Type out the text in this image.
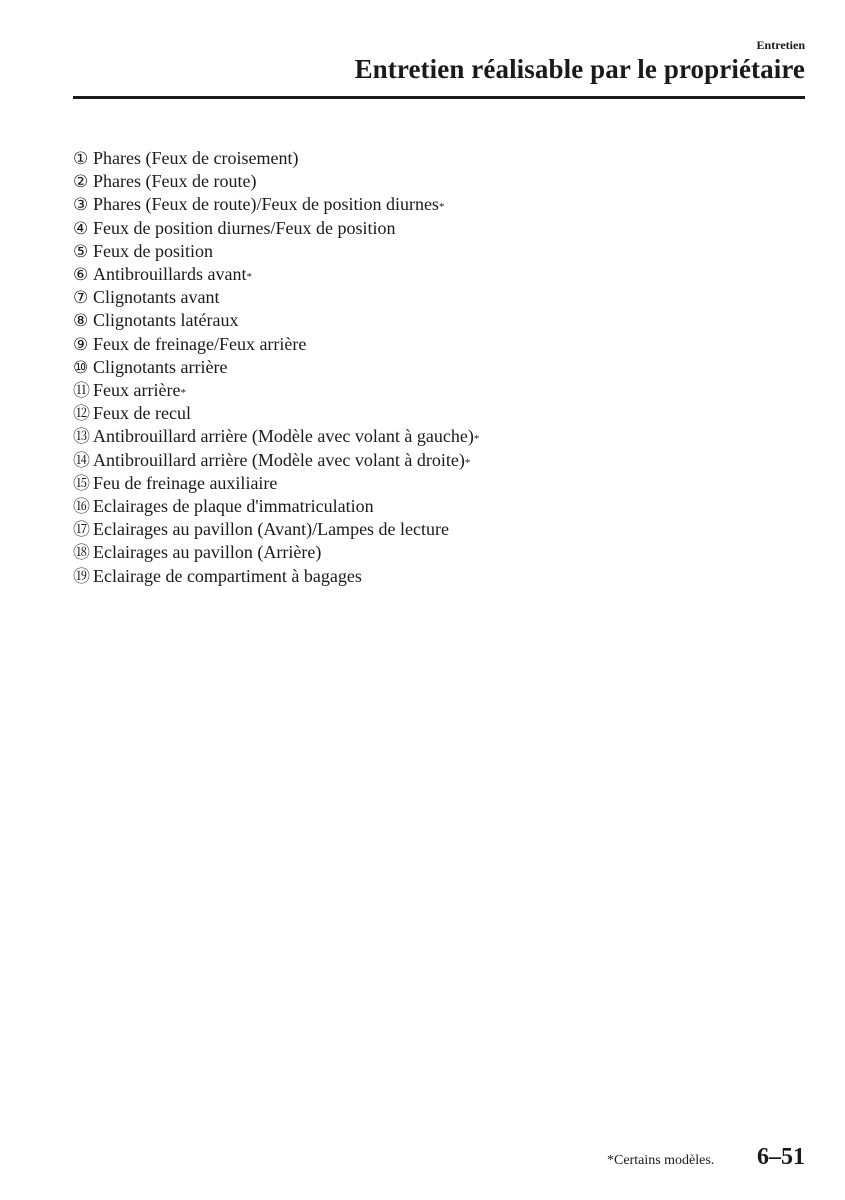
Entretien
Entretien réalisable par le propriétaire
① Phares (Feux de croisement)
② Phares (Feux de route)
③ Phares (Feux de route)/Feux de position diurnes *
④ Feux de position diurnes/Feux de position
⑤ Feux de position
⑥ Antibrouillards avant *
⑦ Clignotants avant
⑧ Clignotants latéraux
⑨ Feux de freinage/Feux arrière
⑩ Clignotants arrière
⑪ Feux arrière *
⑫ Feux de recul
⑬ Antibrouillard arrière (Modèle avec volant à gauche) *
⑭ Antibrouillard arrière (Modèle avec volant à droite) *
⑮ Feu de freinage auxiliaire
⑯ Eclairages de plaque d'immatriculation
⑰ Eclairages au pavillon (Avant)/Lampes de lecture
⑱ Eclairages au pavillon (Arrière)
⑲ Eclairage de compartiment à bagages
*Certains modèles. 6–51
